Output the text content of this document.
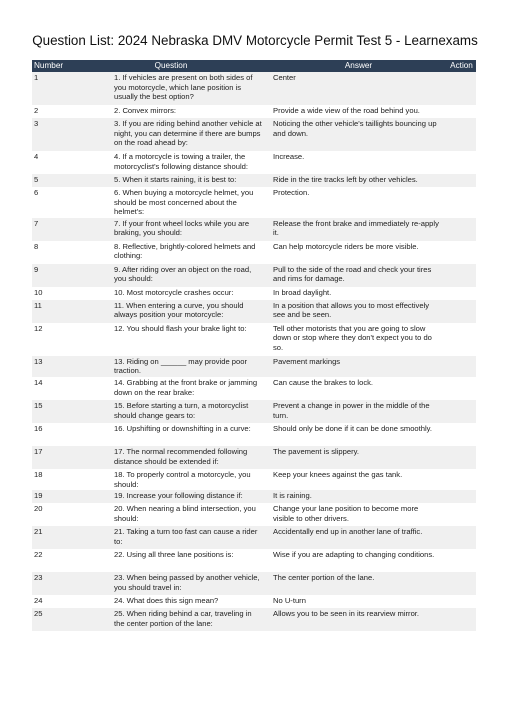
Question List: 2024 Nebraska DMV Motorcycle Permit Test 5 - Learnexams
Number	Question	Answer	Action
1	1. If vehicles are present on both sides of you motorcycle, which lane position is usually the best option?	Center	
2	2. Convex mirrors:	Provide a wide view of the road behind you.	
3	3. If you are riding behind another vehicle at night, you can determine if there are bumps on the road ahead by:	Noticing the other vehicle's taillights bouncing up and down.	
4	4. If a motorcycle is towing a trailer, the motorcyclist's following distance should:	Increase.	
5	5. When it starts raining, it is best to:	Ride in the tire tracks left by other vehicles.	
6	6. When buying a motorcycle helmet, you should be most concerned about the helmet's:	Protection.	
7	7. If your front wheel locks while you are braking, you should:	Release the front brake and immediately re-apply it.	
8	8. Reflective, brightly-colored helmets and clothing:	Can help motorcycle riders be more visible.	
9	9. After riding over an object on the road, you should:	Pull to the side of the road and check your tires and rims for damage.	
10	10. Most motorcycle crashes occur:	In broad daylight.	
11	11. When entering a curve, you should always position your motorcycle:	In a position that allows you to most effectively see and be seen.	
12	12. You should flash your brake light to:	Tell other motorists that you are going to slow down or stop where they don't expect you to do so.	
13	13. Riding on ______ may provide poor traction.	Pavement markings	
14	14. Grabbing at the front brake or jamming down on the rear brake:	Can cause the brakes to lock.	
15	15. Before starting a turn, a motorcyclist should change gears to:	Prevent a change in power in the middle of the turn.	
16	16. Upshifting or downshifting in a curve:	Should only be done if it can be done smoothly.	
17	17. The normal recommended following distance should be extended if:	The pavement is slippery.	
18	18. To properly control a motorcycle, you should:	Keep your knees against the gas tank.	
19	19. Increase your following distance if:	It is raining.	
20	20. When nearing a blind intersection, you should:	Change your lane position to become more visible to other drivers.	
21	21. Taking a turn too fast can cause a rider to:	Accidentally end up in another lane of traffic.	
22	22. Using all three lane positions is:	Wise if you are adapting to changing conditions.	
23	23. When being passed by another vehicle, you should travel in:	The center portion of the lane.	
24	24. What does this sign mean?	No U-turn	
25	25. When riding behind a car, traveling in the center portion of the lane:	Allows you to be seen in its rearview mirror.	
